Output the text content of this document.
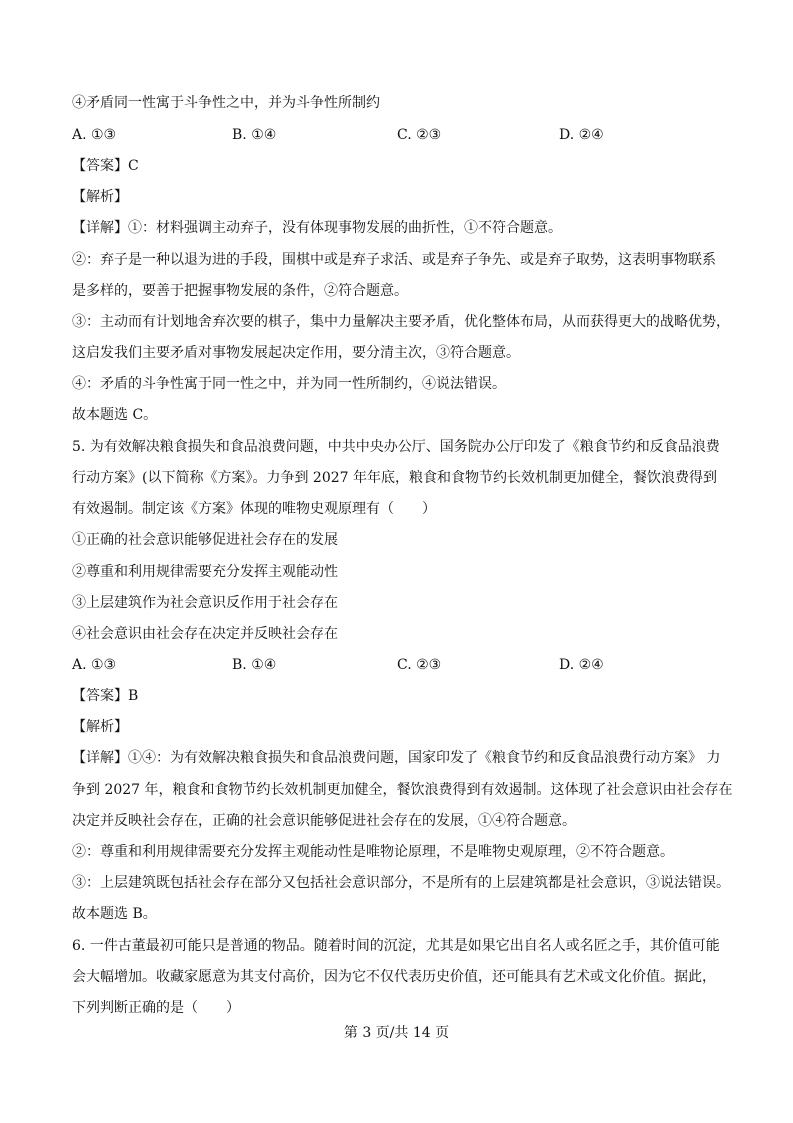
④矛盾同一性寓于斗争性之中，并为斗争性所制约
A. ①③	B. ①④	C. ②③	D. ②④
【答案】C
【解析】
【详解】①：材料强调主动弃子，没有体现事物发展的曲折性，①不符合题意。
②：弃子是一种以退为进的手段，围棋中或是弃子求活、或是弃子争先、或是弃子取势，这表明事物联系
是多样的，要善于把握事物发展的条件，②符合题意。
③：主动而有计划地舍弃次要的棋子，集中力量解决主要矛盾，优化整体布局，从而获得更大的战略优势，
这启发我们主要矛盾对事物发展起决定作用，要分清主次，③符合题意。
④：矛盾的斗争性寓于同一性之中，并为同一性所制约，④说法错误。
故本题选 C。
5. 为有效解决粮食损失和食品浪费问题，中共中央办公厅、国务院办公厅印发了《粮食节约和反食品浪费
行动方案》(以下简称《方案》。力争到 2027 年年底，粮食和食物节约长效机制更加健全，餐饮浪费得到
有效遏制。制定该《方案》体现的唯物史观原理有（　　）
①正确的社会意识能够促进社会存在的发展
②尊重和利用规律需要充分发挥主观能动性
③上层建筑作为社会意识反作用于社会存在
④社会意识由社会存在决定并反映社会存在
A. ①③	B. ①④	C. ②③	D. ②④
【答案】B
【解析】
【详解】①④：为有效解决粮食损失和食品浪费问题，国家印发了《粮食节约和反食品浪费行动方案》 力
争到 2027 年，粮食和食物节约长效机制更加健全，餐饮浪费得到有效遏制。这体现了社会意识由社会存在
决定并反映社会存在，正确的社会意识能够促进社会存在的发展，①④符合题意。
②：尊重和利用规律需要充分发挥主观能动性是唯物论原理，不是唯物史观原理，②不符合题意。
③：上层建筑既包括社会存在部分又包括社会意识部分，不是所有的上层建筑都是社会意识，③说法错误。
故本题选 B。
6. 一件古董最初可能只是普通的物品。随着时间的沉淀，尤其是如果它出自名人或名匠之手，其价值可能
会大幅增加。收藏家愿意为其支付高价，因为它不仅代表历史价值，还可能具有艺术或文化价值。据此，
下列判断正确的是（　　）
第 3 页/共 14 页
